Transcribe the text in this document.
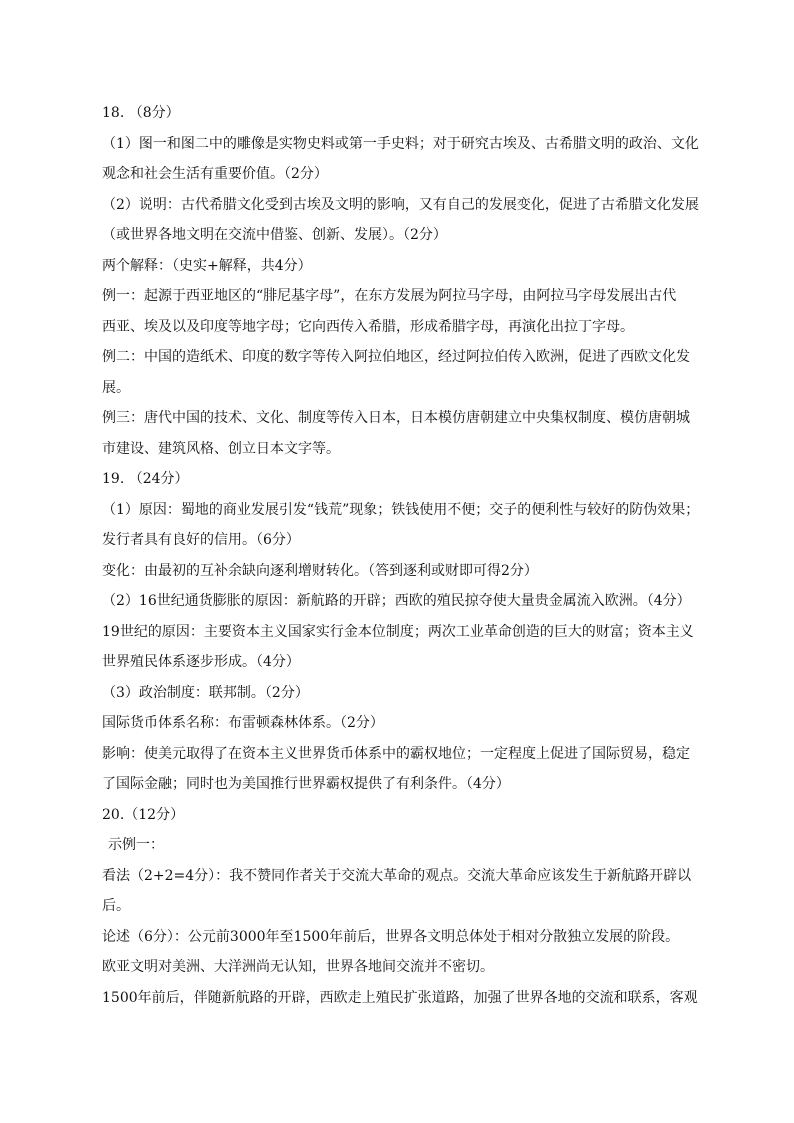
18. （8分）
（1）图一和图二中的雕像是实物史料或第一手史料；对于研究古埃及、古希腊文明的政治、文化
观念和社会生活有重要价值。（2分）
（2）说明：古代希腊文化受到古埃及文明的影响，又有自己的发展变化，促进了古希腊文化发展
（或世界各地文明在交流中借鉴、创新、发展）。（2分）
两个解释：（史实+解释，共4分）
例一：起源于西亚地区的“腓尼基字母”，在东方发展为阿拉马字母，由阿拉马字母发展出古代
西亚、埃及以及印度等地字母；它向西传入希腊，形成希腊字母，再演化出拉丁字母。
例二：中国的造纸术、印度的数字等传入阿拉伯地区，经过阿拉伯传入欧洲，促进了西欧文化发
展。
例三：唐代中国的技术、文化、制度等传入日本，日本模仿唐朝建立中央集权制度、模仿唐朝城
市建设、建筑风格、创立日本文字等。
19. （24分）
（1）原因：蜀地的商业发展引发“钱荒”现象；铁钱使用不便；交子的便利性与较好的防伪效果；
发行者具有良好的信用。（6分）
变化：由最初的互补余缺向逐利增财转化。（答到逐利或财即可得2分）
（2）16世纪通货膨胀的原因：新航路的开辟；西欧的殖民掠夺使大量贵金属流入欧洲。（4分）
19世纪的原因：主要资本主义国家实行金本位制度；两次工业革命创造的巨大的财富；资本主义
世界殖民体系逐步形成。（4分）
（3）政治制度：联邦制。（2分）
国际货币体系名称：布雷顿森林体系。（2分）
影响：使美元取得了在资本主义世界货币体系中的霸权地位；一定程度上促进了国际贸易，稳定
了国际金融；同时也为美国推行世界霸权提供了有利条件。（4分）
20.（12分）
示例一：
看法（2+2=4分）：我不赞同作者关于交流大革命的观点。交流大革命应该发生于新航路开辟以
后。
论述（6分）：公元前3000年至1500年前后，世界各文明总体处于相对分散独立发展的阶段。
欧亚文明对美洲、大洋洲尚无认知，世界各地间交流并不密切。
1500年前后，伴随新航路的开辟，西欧走上殖民扩张道路，加强了世界各地的交流和联系，客观
